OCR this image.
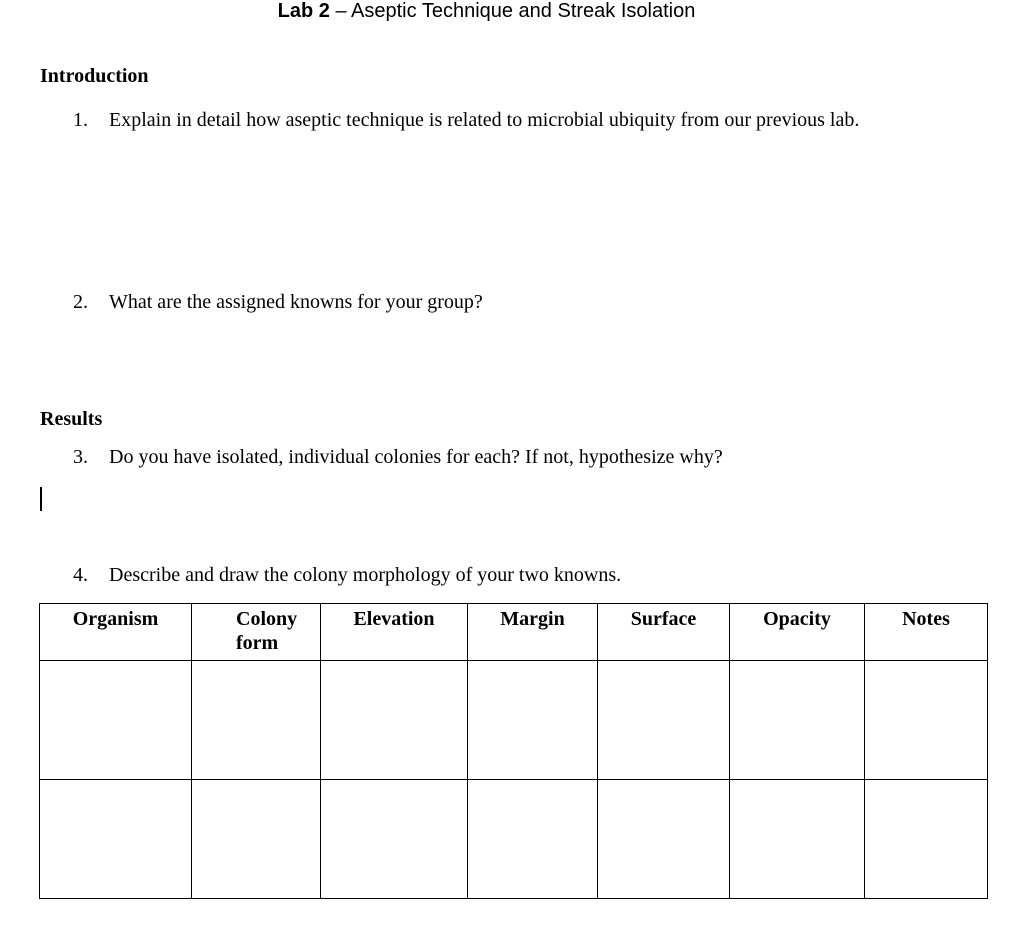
Lab 2 – Aseptic Technique and Streak Isolation
Introduction
1. Explain in detail how aseptic technique is related to microbial ubiquity from our previous lab.
2. What are the assigned knowns for your group?
Results
3. Do you have isolated, individual colonies for each? If not, hypothesize why?
4. Describe and draw the colony morphology of your two knowns.
Organism	Colony form	Elevation	Margin	Surface	Opacity	Notes
